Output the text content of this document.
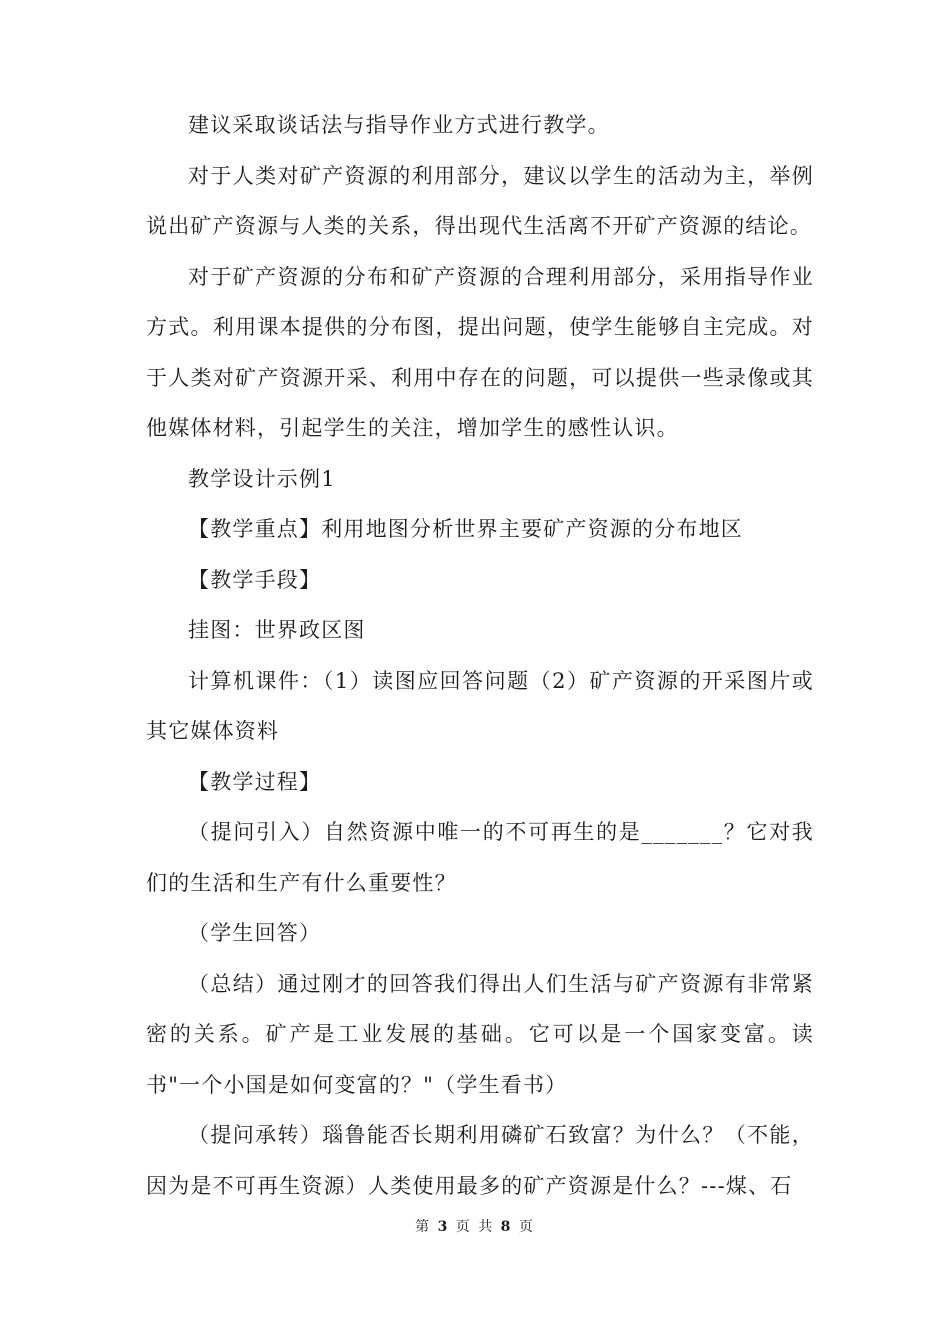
建议采取谈话法与指导作业方式进行教学。

对于人类对矿产资源的利用部分，建议以学生的活动为主，举例说出矿产资源与人类的关系，得出现代生活离不开矿产资源的结论。

对于矿产资源的分布和矿产资源的合理利用部分，采用指导作业方式。利用课本提供的分布图，提出问题，使学生能够自主完成。对于人类对矿产资源开采、利用中存在的问题，可以提供一些录像或其他媒体材料，引起学生的关注，增加学生的感性认识。

教学设计示例1

【教学重点】利用地图分析世界主要矿产资源的分布地区

【教学手段】

挂图：世界政区图

计算机课件：（1）读图应回答问题（2）矿产资源的开采图片或其它媒体资料

【教学过程】

（提问引入）自然资源中唯一的不可再生的是_______？它对我们的生活和生产有什么重要性？

（学生回答）

（总结）通过刚才的回答我们得出人们生活与矿产资源有非常紧密的关系。矿产是工业发展的基础。它可以是一个国家变富。读书"一个小国是如何变富的？"（学生看书）

（提问承转）瑙鲁能否长期利用磷矿石致富？为什么？（不能，因为是不可再生资源）人类使用最多的矿产资源是什么？---煤、石

第 3 页 共 8 页
